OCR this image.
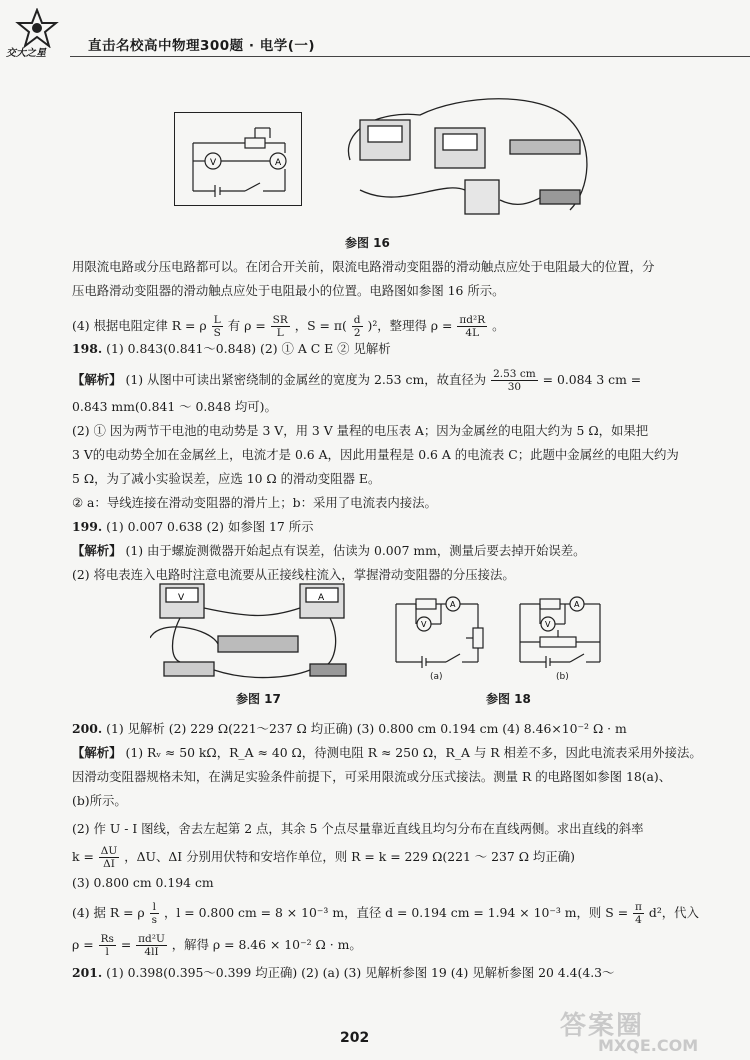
交大之星	直击名校高中物理300题 · 电学(一)
V	A
参图 16
用限流电路或分压电路都可以。在闭合开关前，限流电路滑动变阻器的滑动触点应处于电阻最大的位置，分
压电路滑动变阻器的滑动触点应处于电阻最小的位置。电路图如参图 16 所示。
(4) 根据电阻定律 R = ρ $\frac{L}{S}$ 有 $\rho = \frac{SR}{L}$ ，$S = \pi( \frac{d}{2} )^2$，整理得 $\rho = \frac{\text{πd²R}}{4L}$ 。
198. (1) 0.843(0.841～0.848) (2) ① A C E ② 见解析
【解析】 (1) 从图中可读出紧密绕制的金属丝的宽度为 2.53 cm，故直径为 $\frac{2.53 cm}{30} = 0.084$ 3 cm =
0.843 mm(0.841 ～ 0.848 均可)。
(2) ① 因为两节干电池的电动势是 3 V，用 3 V 量程的电压表 A；因为金属丝的电阻大约为 5 Ω，如果把
3 V的电动势全加在金属丝上，电流才是 0.6 A，因此用量程是 0.6 A 的电流表 C；此题中金属丝的电阻大约为
5 Ω，为了减小实验误差，应选 10 Ω 的滑动变阻器 E。
② a：导线连接在滑动变阻器的滑片上；b：采用了电流表内接法。
199. (1) 0.007 0.638 (2) 如参图 17 所示
【解析】 (1) 由于螺旋测微器开始起点有误差，估读为 0.007 mm，测量后要去掉开始误差。
(2) 将电表连入电路时注意电流要从正接线柱流入，掌握滑动变阻器的分压接法。
V	A
参图 17
A
V
(a)
A
V
(b)
参图 18
200. (1) 见解析 (2) 229 Ω(221～237 Ω 均正确) (3) 0.800 cm 0.194 cm (4) 8.46×10⁻² Ω · m
【解析】 (1) Rᵥ ≈ 50 kΩ，R_A ≈ 40 Ω，待测电阻 R ≈ 250 Ω，R_A 与 R 相差不多，因此电流表采用外接法。
因滑动变阻器规格未知，在满足实验条件前提下，可采用限流或分压式接法。测量 R 的电路图如参图 18(a)、
(b)所示。
(2) 作 U - I 图线，舍去左起第 2 点，其余 5 个点尽量靠近直线且均匀分布在直线两侧。求出直线的斜率
$k = \frac{\Delta U}{\Delta I}$ ，ΔU、ΔI 分别用伏特和安培作单位，则 R = k = 229 Ω(221 ～ 237 Ω 均正确)
(3) 0.800 cm 0.194 cm
(4) 据 R = ρ $\frac{l}{s}$ ，l = 0.800 cm = 8 × 10⁻³ m，直径 d = 0.194 cm = 1.94 × 10⁻³ m，则 $S = \frac{\pi}{4} d^2$，代入
$\rho = \frac{Rs}{l} = \frac{\text{πd²U}}{4lI}$ ，解得 ρ = 8.46 × 10⁻² Ω · m。
201. (1) 0.398(0.395～0.399 均正确) (2) (a) (3) 见解析参图 19 (4) 见解析参图 20 4.4(4.3～
202	答案圈
MXQE.COM
